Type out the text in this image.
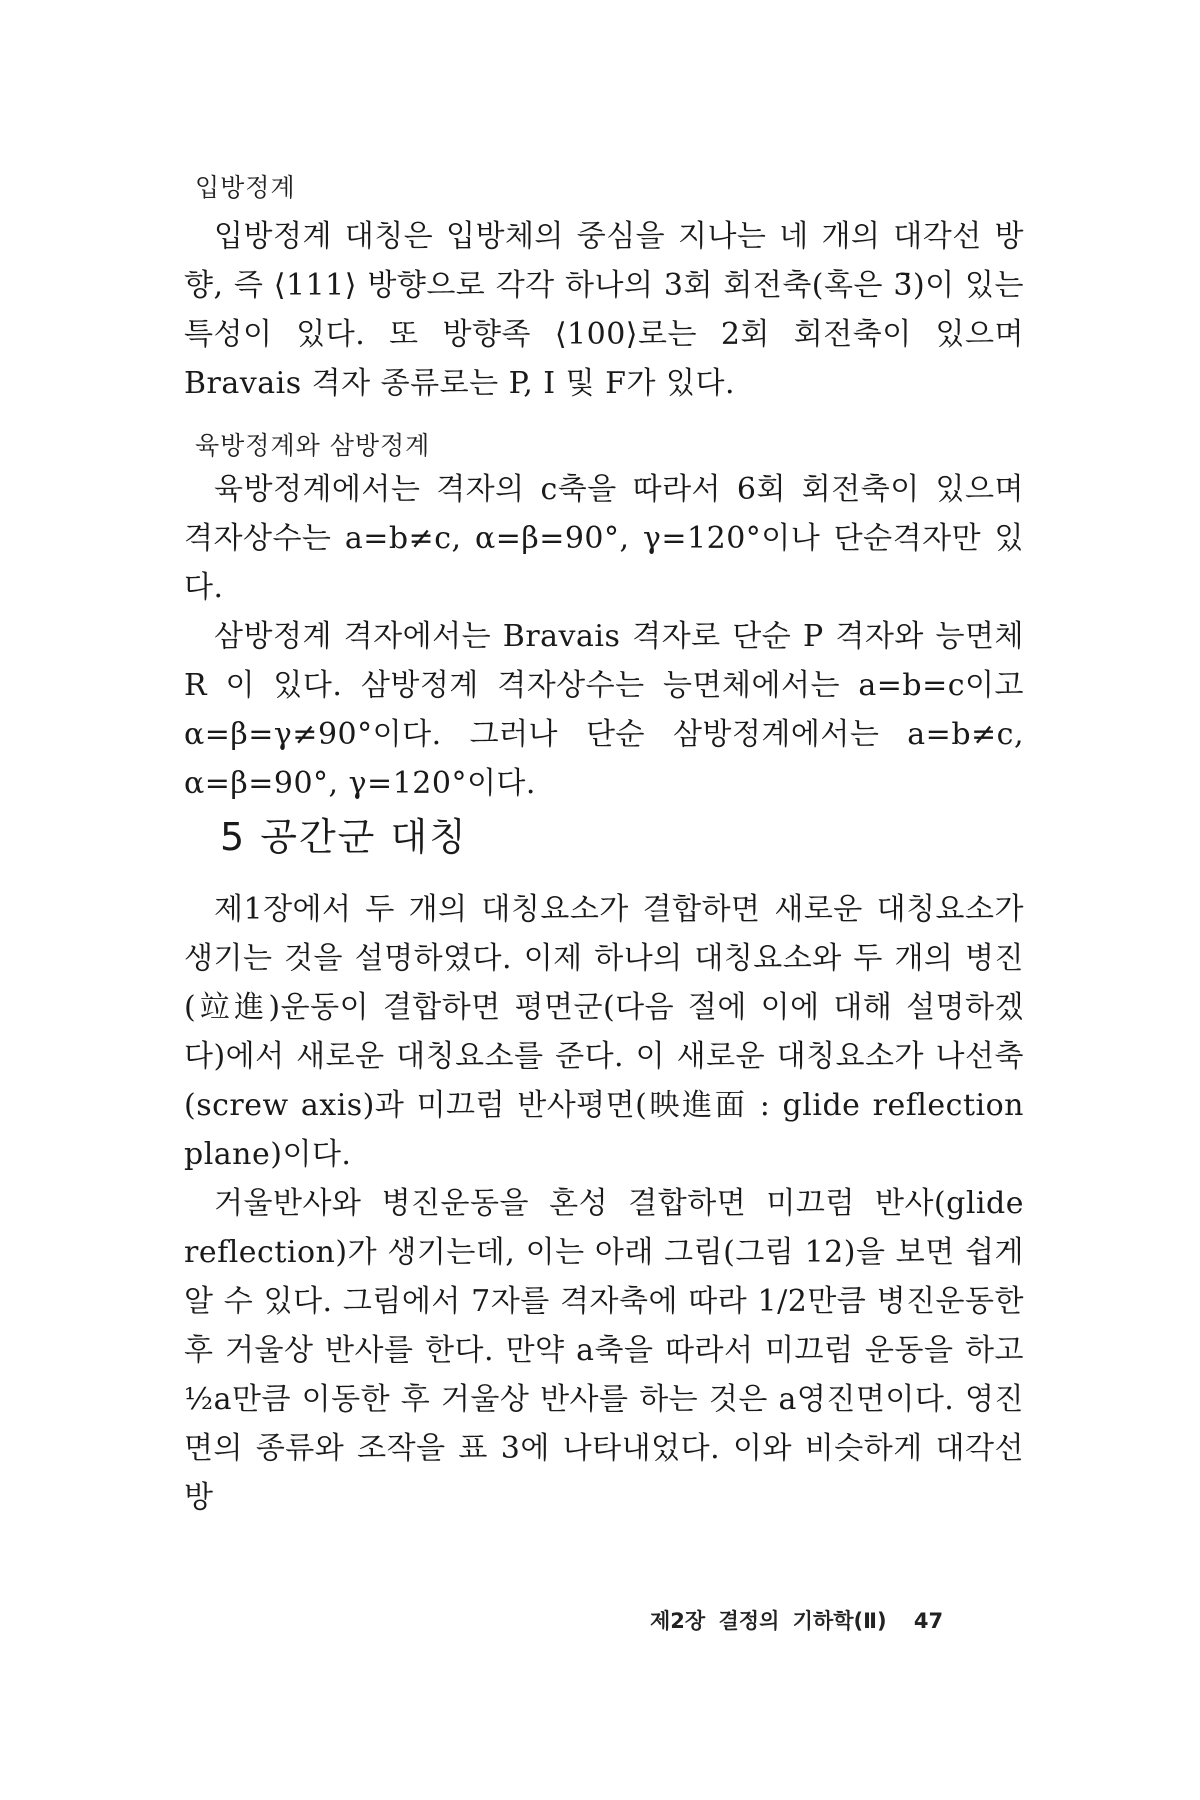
입방정계

입방정계 대칭은 입방체의 중심을 지나는 네 개의 대각선 방향, 즉 ⟨111⟩ 방향으로 각각 하나의 3회 회전축(혹은 3̄)이 있는 특성이 있다. 또 방향족 ⟨100⟩로는 2회 회전축이 있으며 Bravais 격자 종류로는 P, I 및 F가 있다.

육방정계와 삼방정계

육방정계에서는 격자의 c축을 따라서 6회 회전축이 있으며 격자상수는 a=b≠c, α=β=90°, γ=120°이나 단순격자만 있다.

삼방정계 격자에서는 Bravais 격자로 단순 P 격자와 능면체 R 이 있다. 삼방정계 격자상수는 능면체에서는 a=b=c이고 α=β=γ≠90°이다. 그러나 단순 삼방정계에서는 a=b≠c, α=β=90°, γ=120°이다.

5 공간군 대칭

제1장에서 두 개의 대칭요소가 결합하면 새로운 대칭요소가 생기는 것을 설명하였다. 이제 하나의 대칭요소와 두 개의 병진(竝進)운동이 결합하면 평면군(다음 절에 이에 대해 설명하겠다)에서 새로운 대칭요소를 준다. 이 새로운 대칭요소가 나선축(screw axis)과 미끄럼 반사평면(映進面 : glide reflection plane)이다.

거울반사와 병진운동을 혼성 결합하면 미끄럼 반사(glide reflection)가 생기는데, 이는 아래 그림(그림 12)을 보면 쉽게 알 수 있다. 그림에서 7자를 격자축에 따라 1/2만큼 병진운동한 후 거울상 반사를 한다. 만약 a축을 따라서 미끄럼 운동을 하고 ½a만큼 이동한 후 거울상 반사를 하는 것은 a영진면이다. 영진면의 종류와 조작을 표 3에 나타내었다. 이와 비슷하게 대각선 방

제2장 결정의 기하학(Ⅱ) 47
